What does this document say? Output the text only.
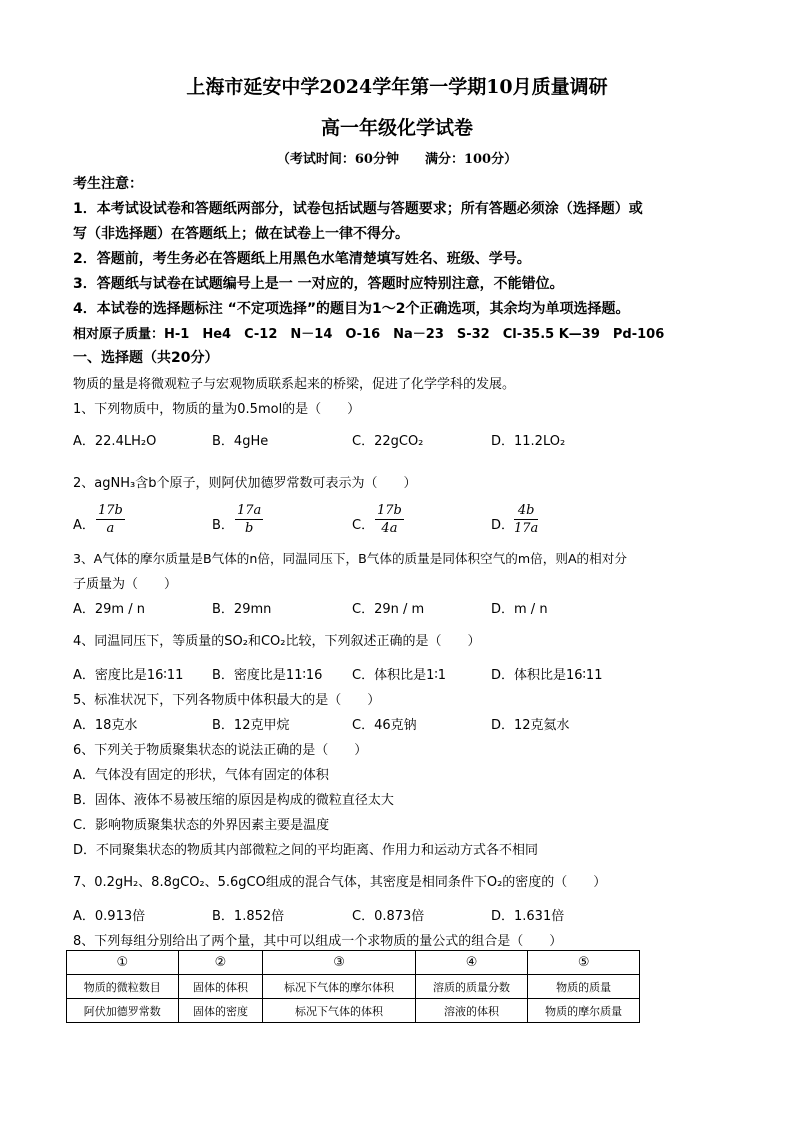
上海市延安中学2024学年第一学期10月质量调研
高一年级化学试卷
（考试时间：60分钟　　满分：100分）
考生注意：
1．本考试设试卷和答题纸两部分，试卷包括试题与答题要求；所有答题必须涂（选择题）或
写（非选择题）在答题纸上；做在试卷上一律不得分。
2．答题前，考生务必在答题纸上用黑色水笔清楚填写姓名、班级、学号。
3．答题纸与试卷在试题编号上是一 一对应的，答题时应特别注意，不能错位。
4．本试卷的选择题标注 “不定项选择”的题目为1～2个正确选项，其余均为单项选择题。
相对原子质量：H-1　He4　C-12　N－14　O-16　Na－23　S-32　Cl-35.5 K—39　Pd-106
一、选择题（共20分）
物质的量是将微观粒子与宏观物质联系起来的桥梁，促进了化学学科的发展。
1、下列物质中，物质的量为0.5mol的是（　　）
A．22.4LH₂O	B．4gHe	C．22gCO₂	D．11.2LO₂
2、agNH₃含b个原子，则阿伏加德罗常数可表示为（　　）
A． $\frac{17b}{a}$	B． $\frac{17a}{b}$	C． $\frac{17b}{4a}$	D． $\frac{4b}{17a}$
3、A气体的摩尔质量是B气体的n倍，同温同压下，B气体的质量是同体积空气的m倍，则A的相对分
子质量为（　　）
A．29m / n	B．29mn	C．29n / m	D．m / n
4、同温同压下，等质量的SO₂和CO₂比较，下列叙述正确的是（　　）
A．密度比是16∶11 B．密度比是11∶16 C．体积比是1∶1	D．体积比是16∶11
5、标准状况下，下列各物质中体积最大的是（　　）
A．18克水	B．12克甲烷	C．46克钠	D．12克氦水
6、下列关于物质聚集状态的说法正确的是（　　）
A．气体没有固定的形状，气体有固定的体积
B．固体、液体不易被压缩的原因是构成的微粒直径太大
C．影响物质聚集状态的外界因素主要是温度
D．不同聚集状态的物质其内部微粒之间的平均距离、作用力和运动方式各不相同
7、0.2gH₂、8.8gCO₂、5.6gCO组成的混合气体，其密度是相同条件下O₂的密度的（　　）
A．0.913倍	B．1.852倍	C．0.873倍	D．1.631倍
8、下列每组分别给出了两个量，其中可以组成一个求物质的量公式的组合是（　　）
①	②	③	④	⑤
物质的微粒数目	固体的体积	标况下气体的摩尔体积	溶质的质量分数	物质的质量
阿伏加德罗常数	固体的密度	标况下气体的体积	溶液的体积	物质的摩尔质量
